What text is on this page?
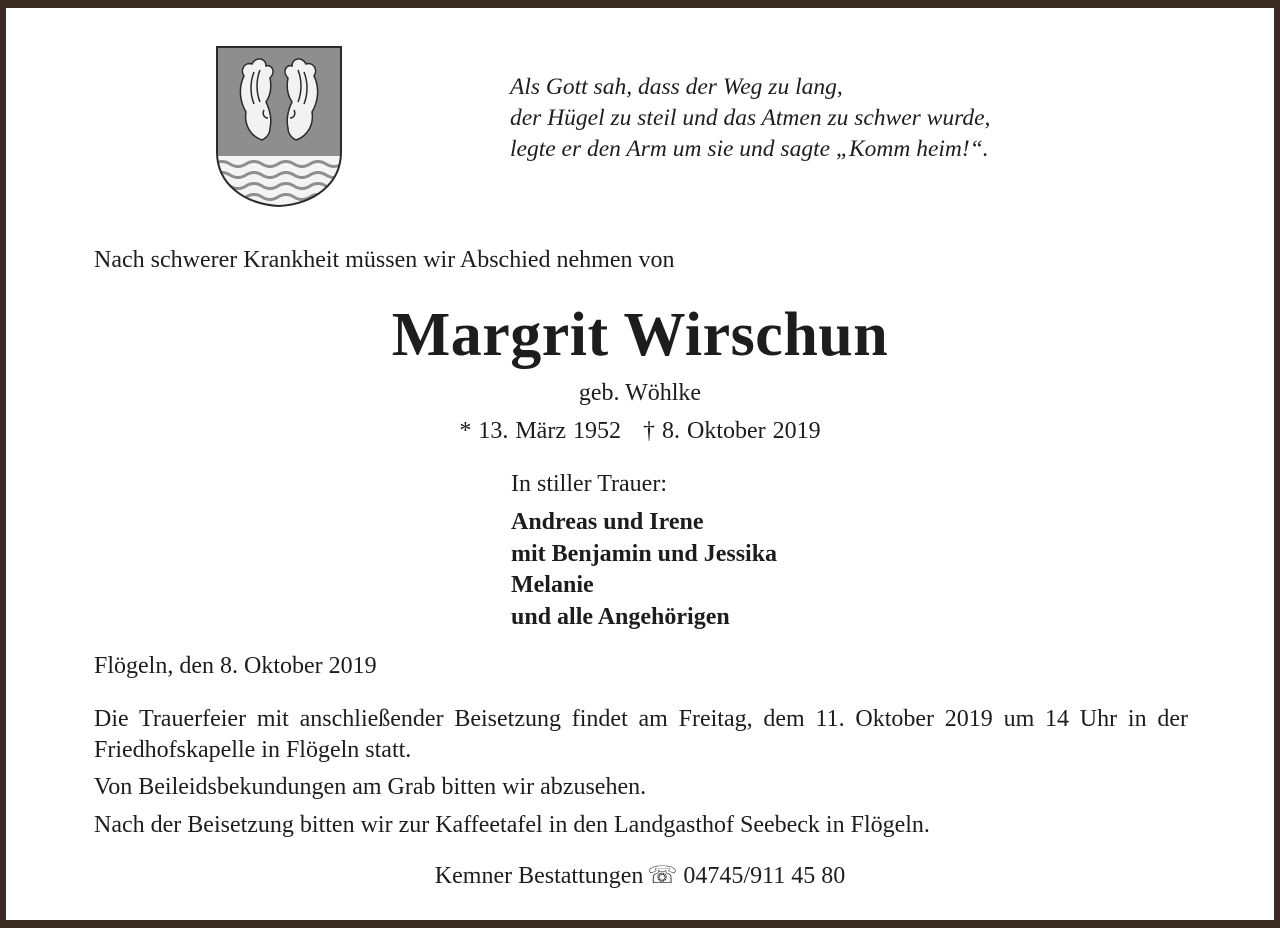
Als Gott sah, dass der Weg zu lang,
der Hügel zu steil und das Atmen zu schwer wurde,
legte er den Arm um sie und sagte „Komm heim!“.
Nach schwerer Krankheit müssen wir Abschied nehmen von
Margrit Wirschun
geb. Wöhlke
* 13. März 1952 † 8. Oktober 2019
In stiller Trauer:
Andreas und Irene
mit Benjamin und Jessika
Melanie
und alle Angehörigen
Flögeln, den 8. Oktober 2019
Die Trauerfeier mit anschließender Beisetzung findet am Freitag, dem 11. Oktober 2019 um 14 Uhr in der Friedhofskapelle in Flögeln statt.
Von Beileidsbekundungen am Grab bitten wir abzusehen.
Nach der Beisetzung bitten wir zur Kaffeetafel in den Landgasthof Seebeck in Flögeln.
Kemner Bestattungen ☏ 04745/911 45 80
